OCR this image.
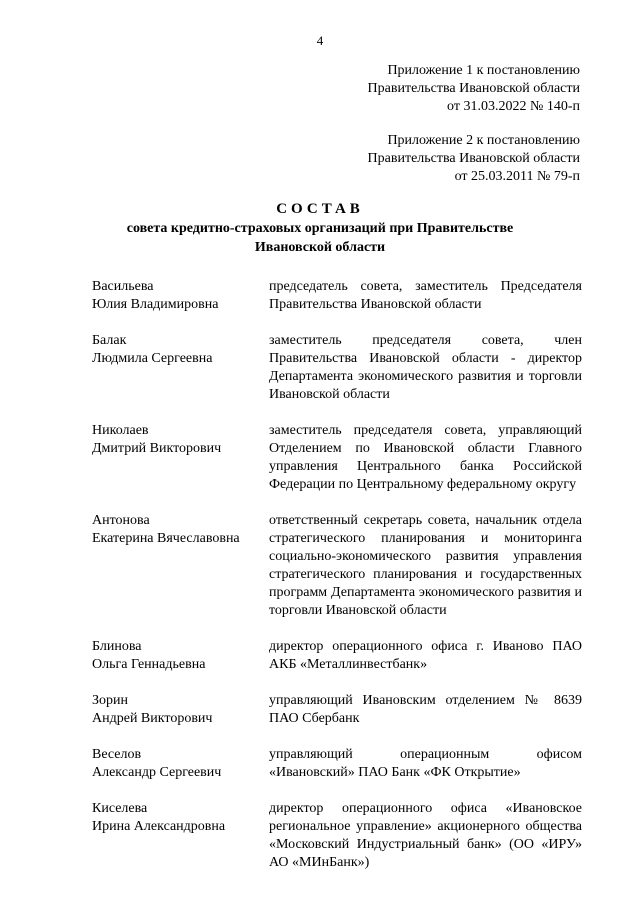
4
Приложение 1 к постановлению
Правительства Ивановской области
от 31.03.2022 № 140-п
Приложение 2 к постановлению
Правительства Ивановской области
от 25.03.2011 № 79-п
СОСТАВ
совета кредитно-страховых организаций при Правительстве
Ивановской области
Васильева
Юлия Владимировна
председатель совета, заместитель Председателя Правительства Ивановской области
Балак
Людмила Сергеевна
заместитель председателя совета, член Правительства Ивановской области - директор Департамента экономического развития и торговли Ивановской области
Николаев
Дмитрий Викторович
заместитель председателя совета, управляющий Отделением по Ивановской области Главного управления Центрального банка Российской Федерации по Центральному федеральному округу
Антонова
Екатерина Вячеславовна
ответственный секретарь совета, начальник отдела стратегического планирования и мониторинга социально-экономического развития управления стратегического планирования и государственных программ Департамента экономического развития и торговли Ивановской области
Блинова
Ольга Геннадьевна
директор операционного офиса г. Иваново ПАО АКБ «Металлинвестбанк»
Зорин
Андрей Викторович
управляющий Ивановским отделением № 8639 ПАО Сбербанк
Веселов
Александр Сергеевич
управляющий операционным офисом «Ивановский» ПАО Банк «ФК Открытие»
Киселева
Ирина Александровна
директор операционного офиса «Ивановское региональное управление» акционерного общества «Московский Индустриальный банк» (ОО «ИРУ» АО «МИнБанк»)
